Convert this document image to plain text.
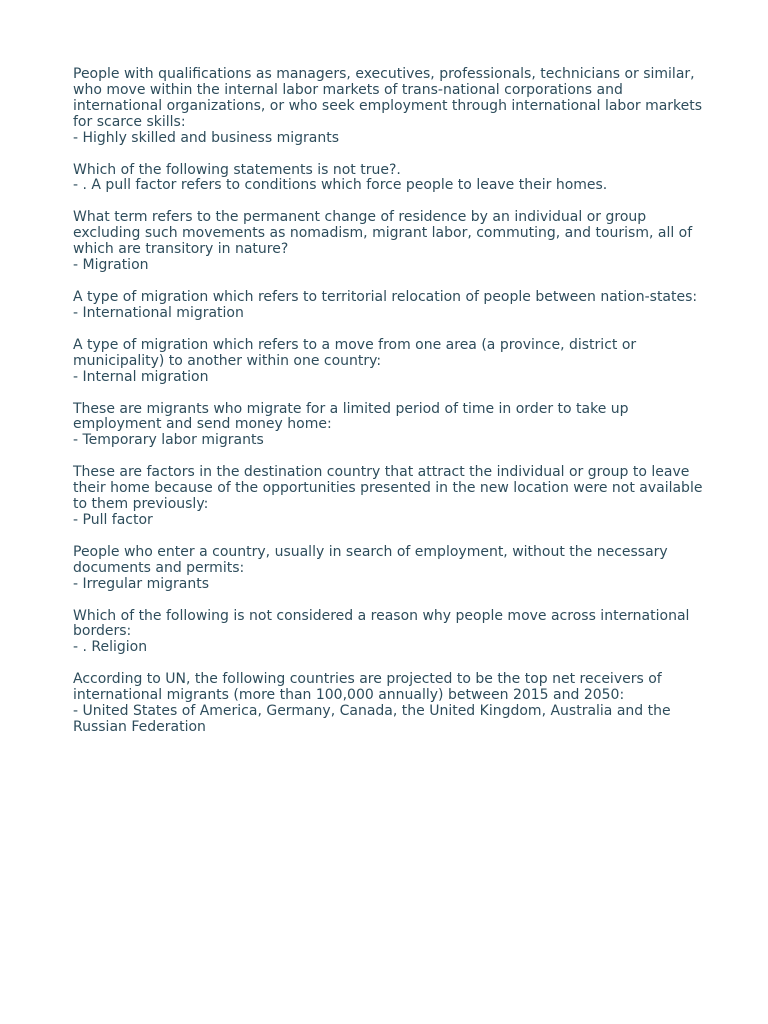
People with qualifications as managers, executives, professionals, technicians or similar, who move within the internal labor markets of trans-national corporations and international organizations, or who seek employment through international labor markets for scarce skills:
- Highly skilled and business migrants
Which of the following statements is not true?.
- . A pull factor refers to conditions which force people to leave their homes.
What term refers to the permanent change of residence by an individual or group excluding such movements as nomadism, migrant labor, commuting, and tourism, all of which are transitory in nature?
- Migration
A type of migration which refers to territorial relocation of people between nation-states:
- International migration
A type of migration which refers to a move from one area (a province, district or municipality) to another within one country:
- Internal migration
These are migrants who migrate for a limited period of time in order to take up employment and send money home:
- Temporary labor migrants
These are factors in the destination country that attract the individual or group to leave their home because of the opportunities presented in the new location were not available to them previously:
- Pull factor
People who enter a country, usually in search of employment, without the necessary documents and permits:
- Irregular migrants
Which of the following is not considered a reason why people move across international borders:
- . Religion
According to UN, the following countries are projected to be the top net receivers of international migrants (more than 100,000 annually) between 2015 and 2050:
- United States of America, Germany, Canada, the United Kingdom, Australia and the Russian Federation
